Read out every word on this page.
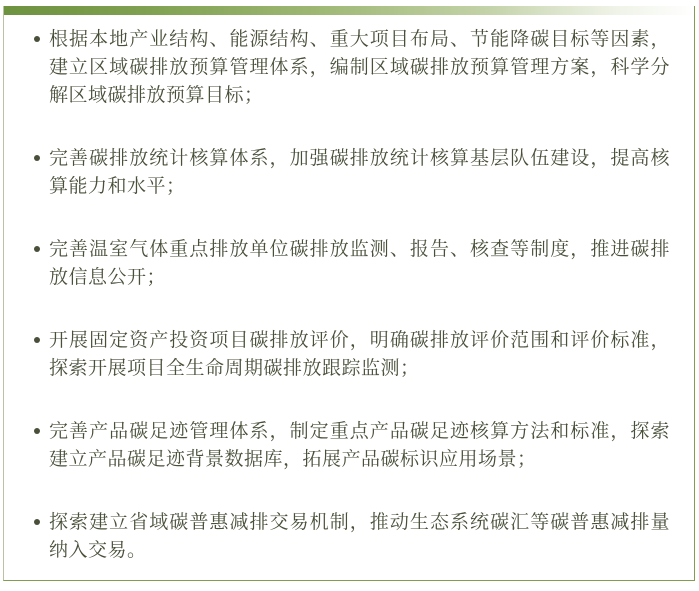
根据本地产业结构、能源结构、重大项目布局、节能降碳目标等因素，建立区域碳排放预算管理体系，编制区域碳排放预算管理方案，科学分解区域碳排放预算目标；
完善碳排放统计核算体系，加强碳排放统计核算基层队伍建设，提高核算能力和水平；
完善温室气体重点排放单位碳排放监测、报告、核查等制度，推进碳排放信息公开；
开展固定资产投资项目碳排放评价，明确碳排放评价范围和评价标准，探索开展项目全生命周期碳排放跟踪监测；
完善产品碳足迹管理体系，制定重点产品碳足迹核算方法和标准，探索建立产品碳足迹背景数据库，拓展产品碳标识应用场景；
探索建立省域碳普惠减排交易机制，推动生态系统碳汇等碳普惠减排量纳入交易。
